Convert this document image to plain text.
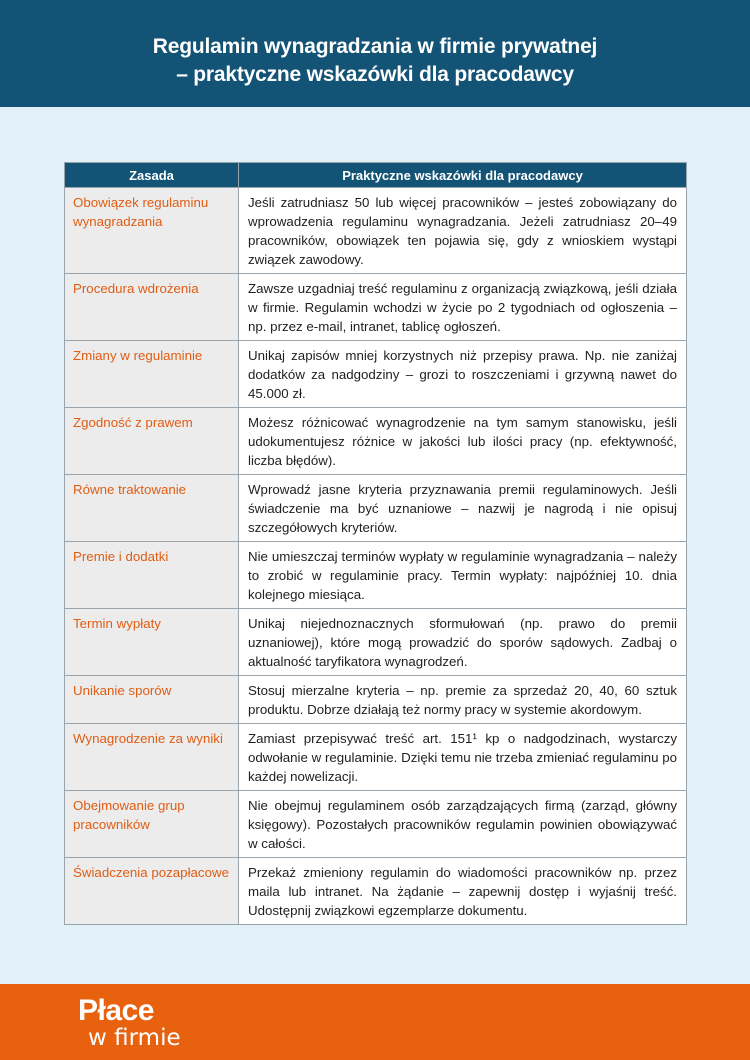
Regulamin wynagradzania w firmie prywatnej
– praktyczne wskazówki dla pracodawcy
Zasada	Praktyczne wskazówki dla pracodawcy
Obowiązek regulaminu wynagradzania	Jeśli zatrudniasz 50 lub więcej pracowników – jesteś zobowiązany do wprowadzenia regulaminu wynagradzania. Jeżeli zatrudniasz 20–49 pracowników, obowiązek ten pojawia się, gdy z wnioskiem wystąpi związek zawodowy.
Procedura wdrożenia	Zawsze uzgadniaj treść regulaminu z organizacją związkową, jeśli działa w firmie. Regulamin wchodzi w życie po 2 tygodniach od ogłoszenia – np. przez e-mail, intranet, tablicę ogłoszeń.
Zmiany w regulaminie	Unikaj zapisów mniej korzystnych niż przepisy prawa. Np. nie zaniżaj dodatków za nadgodziny – grozi to roszczeniami i grzywną nawet do 45.000 zł.
Zgodność z prawem	Możesz różnicować wynagrodzenie na tym samym stanowisku, jeśli udokumentujesz różnice w jakości lub ilości pracy (np. efektywność, liczba błędów).
Równe traktowanie	Wprowadź jasne kryteria przyznawania premii regulaminowych. Jeśli świadczenie ma być uznaniowe – nazwij je nagrodą i nie opisuj szczegółowych kryteriów.
Premie i dodatki	Nie umieszczaj terminów wypłaty w regulaminie wynagradzania – należy to zrobić w regulaminie pracy. Termin wypłaty: najpóźniej 10. dnia kolejnego miesiąca.
Termin wypłaty	Unikaj niejednoznacznych sformułowań (np. prawo do premii uznaniowej), które mogą prowadzić do sporów sądowych. Zadbaj o aktualność taryfikatora wynagrodzeń.
Unikanie sporów	Stosuj mierzalne kryteria – np. premie za sprzedaż 20, 40, 60 sztuk produktu. Dobrze działają też normy pracy w systemie akordowym.
Wynagrodzenie za wyniki	Zamiast przepisywać treść art. 151¹ kp o nadgodzinach, wystarczy odwołanie w regulaminie. Dzięki temu nie trzeba zmieniać regulaminu po każdej nowelizacji.
Obejmowanie grup pracowników	Nie obejmuj regulaminem osób zarządzających firmą (zarząd, główny księgowy). Pozostałych pracowników regulamin powinien obowiązywać w całości.
Świadczenia pozapłacowe	Przekaż zmieniony regulamin do wiadomości pracowników np. przez maila lub intranet. Na żądanie – zapewnij dostęp i wyjaśnij treść. Udostępnij związkowi egzemplarze dokumentu.
Płace
w firmie
